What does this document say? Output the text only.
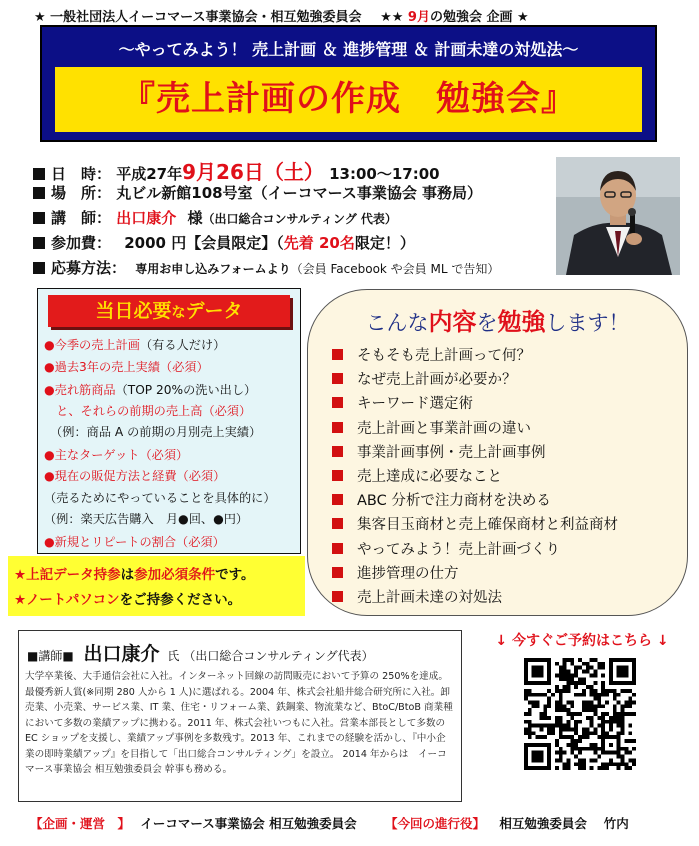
★ 一般社団法人イーコマース事業協会・相互勉強委員会 ★★ 9月の勉強会 企画 ★
〜やってみよう！ 売上計画 ＆ 進捗管理 ＆ 計画未達の対処法〜
『売上計画の作成　勉強会』
日　時： 平成27年9月26日（土） 13:00〜17:00
場　所： 丸ビル新館108号室（イーコマース事業協会 事務局）
講　師： 出口康介 様（出口総合コンサルティング 代表）
参加費： 2000 円【会員限定】（先着 20名限定！）
応募方法： 専用お申し込みフォームより（会員 Facebook や会員 ML で告知）
当日必要なデータ
●今季の売上計画（有る人だけ）
●過去3年の売上実績（必須）
●売れ筋商品（TOP 20%の洗い出し）
　と、それらの前期の売上高（必須）
　（例：商品 A の前期の月別売上実績）
●主なターゲット（必須）
●現在の販促方法と経費（必須）
（売るためにやっていることを具体的に）
（例：楽天広告購入　月●回、●円）
●新規とリピートの割合（必須）
★上記データ持参は参加必須条件です。
★ノートパソコンをご持参ください。
こんな内容を勉強します！
そもそも売上計画って何？
なぜ売上計画が必要か？
キーワード選定術
売上計画と事業計画の違い
事業計画事例・売上計画事例
売上達成に必要なこと
ABC 分析で注力商材を決める
集客目玉商材と売上確保商材と利益商材
やってみよう！売上計画づくり
進捗管理の仕方
売上計画未達の対処法
■講師■ 出口康介 氏 （出口総合コンサルティング代表）
大学卒業後、大手通信会社に入社。インターネット回線の訪問販売において予算の 250%を達成。最優秀新人賞(※同期 280 人から 1 人)に選ばれる。2004 年、株式会社船井総合研究所に入社。卸売業、小売業、サービス業、IT 業、住宅・リフォーム業、鉄鋼業、物流業など、BtoC/BtoB 商業種において多数の業績アップに携わる。2011 年、株式会社いつもに入社。営業本部長として多数の EC ショップを支援し、業績アップ事例を多数残す。2013 年、これまでの経験を活かし、『中小企業の即時業績アップ』を目指して「出口総合コンサルティング」を設立。 2014 年からは　イーコマース事業協会 相互勉強委員会 幹事も務める。
↓ 今すぐご予約はこちら ↓
【企画・運営　】 イーコマース事業協会 相互勉強委員会 【今回の進行役】 相互勉強委員会　 竹内
